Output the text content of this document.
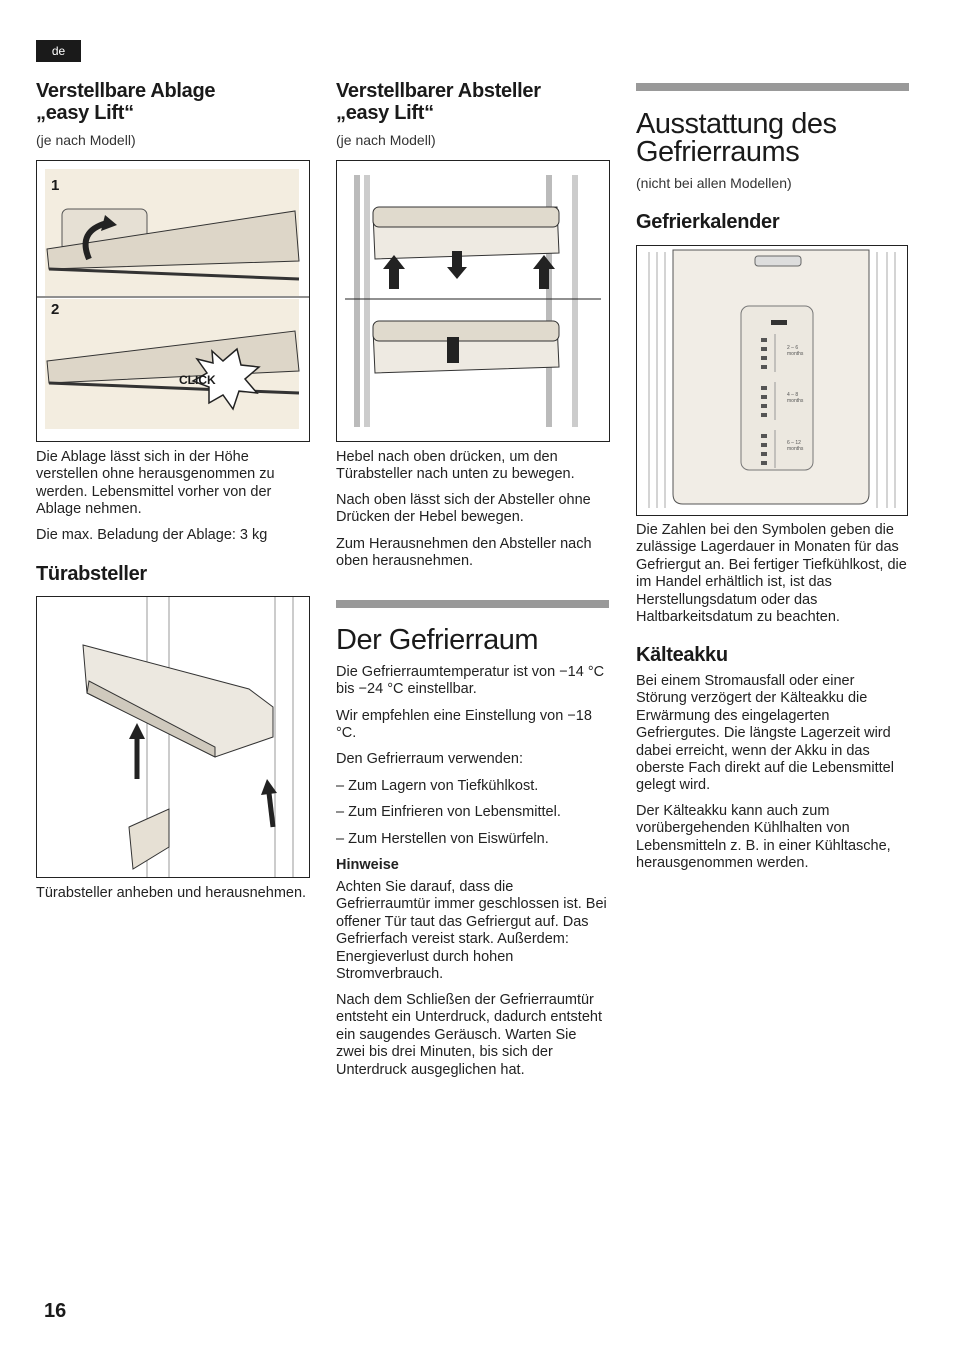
de

Verstellbare Ablage

„easy Lift“

(je nach Modell)

1
2
CLICK

Die Ablage lässt sich in der Höhe verstellen ohne herausgenommen zu werden. Lebensmittel vorher von der Ablage nehmen.

Die max. Beladung der Ablage: 3 kg

Türabsteller

Türabsteller anheben und herausnehmen.

Verstellbarer Absteller

„easy Lift“

(je nach Modell)

Hebel nach oben drücken, um den Türabsteller nach unten zu bewegen.

Nach oben lässt sich der Absteller ohne Drücken der Hebel bewegen.

Zum Herausnehmen den Absteller nach oben herausnehmen.

Der Gefrierraum

Die Gefrierraumtemperatur ist von −14 °C bis −24 °C einstellbar.

Wir empfehlen eine Einstellung von −18 °C.

Den Gefrierraum verwenden:

– Zum Lagern von Tiefkühlkost.
– Zum Einfrieren von Lebensmittel.
– Zum Herstellen von Eiswürfeln.

Hinweise

Achten Sie darauf, dass die Gefrierraumtür immer geschlossen ist. Bei offener Tür taut das Gefriergut auf. Das Gefrierfach vereist stark. Außerdem: Energieverlust durch hohen Stromverbrauch.

Nach dem Schließen der Gefrierraumtür entsteht ein Unterdruck, dadurch entsteht ein saugendes Geräusch. Warten Sie zwei bis drei Minuten, bis sich der Unterdruck ausgeglichen hat.

Ausstattung des

Gefrierraums

(nicht bei allen Modellen)

Gefrierkalender

2 – 6 months
4 – 8 months
6 – 12 months

Die Zahlen bei den Symbolen geben die zulässige Lagerdauer in Monaten für das Gefriergut an. Bei fertiger Tiefkühlkost, die im Handel erhältlich ist, ist das Herstellungsdatum oder das Haltbarkeitsdatum zu beachten.

Kälteakku

Bei einem Stromausfall oder einer Störung verzögert der Kälteakku die Erwärmung des eingelagerten Gefriergutes. Die längste Lagerzeit wird dabei erreicht, wenn der Akku in das oberste Fach direkt auf die Lebensmittel gelegt wird.

Der Kälteakku kann auch zum vorübergehenden Kühlhalten von Lebensmitteln z. B. in einer Kühltasche, herausgenommen werden.

16
